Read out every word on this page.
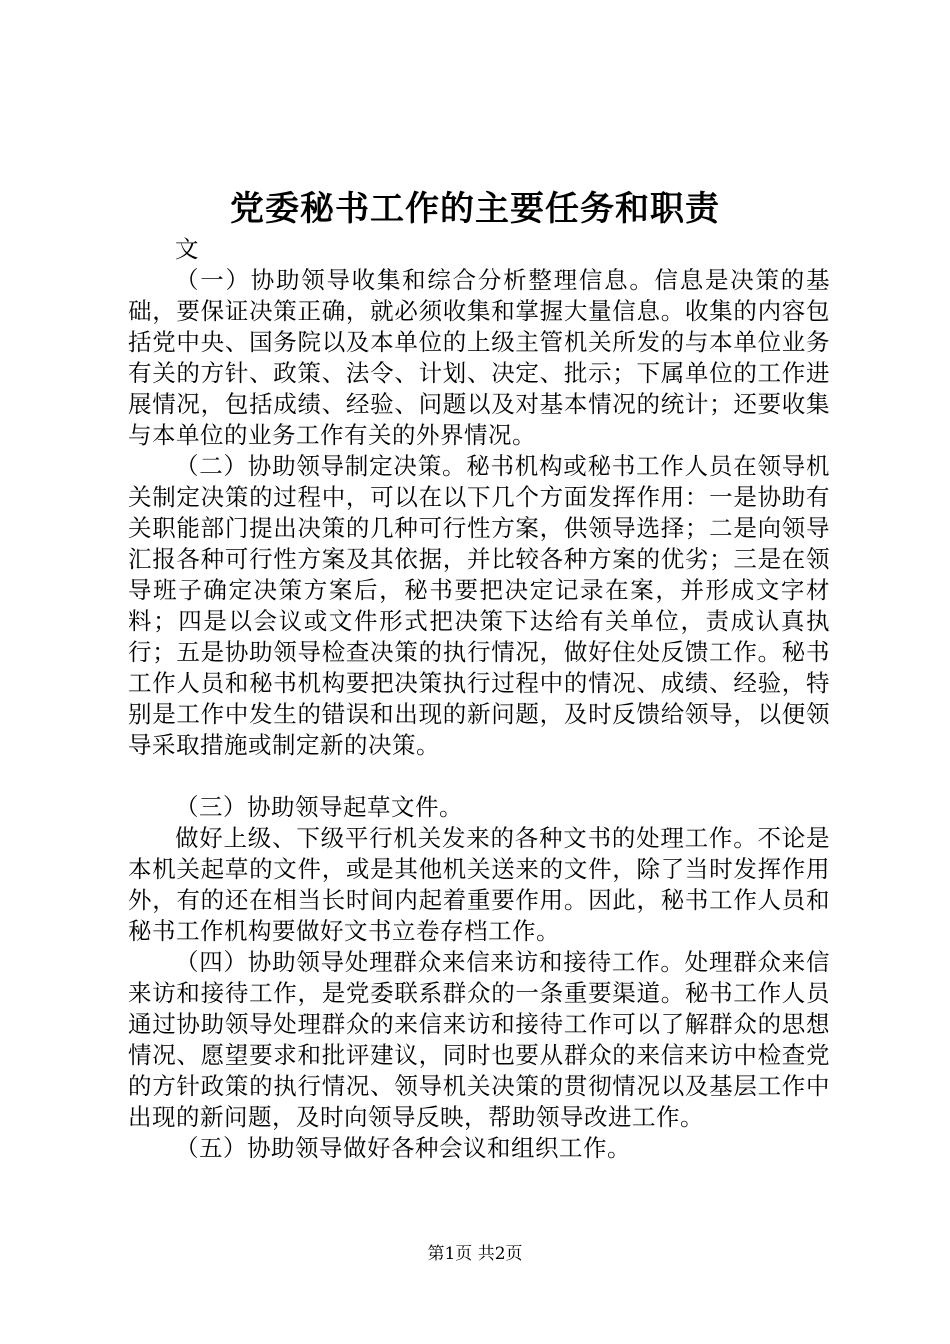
党委秘书工作的主要任务和职责

文

（一）协助领导收集和综合分析整理信息。信息是决策的基础，要保证决策正确，就必须收集和掌握大量信息。收集的内容包括党中央、国务院以及本单位的上级主管机关所发的与本单位业务有关的方针、政策、法令、计划、决定、批示；下属单位的工作进展情况，包括成绩、经验、问题以及对基本情况的统计；还要收集与本单位的业务工作有关的外界情况。

（二）协助领导制定决策。秘书机构或秘书工作人员在领导机关制定决策的过程中，可以在以下几个方面发挥作用：一是协助有关职能部门提出决策的几种可行性方案，供领导选择；二是向领导汇报各种可行性方案及其依据，并比较各种方案的优劣；三是在领导班子确定决策方案后，秘书要把决定记录在案，并形成文字材料；四是以会议或文件形式把决策下达给有关单位，责成认真执行；五是协助领导检查决策的执行情况，做好住处反馈工作。秘书工作人员和秘书机构要把决策执行过程中的情况、成绩、经验，特别是工作中发生的错误和出现的新问题，及时反馈给领导，以便领导采取措施或制定新的决策。

（三）协助领导起草文件。

做好上级、下级平行机关发来的各种文书的处理工作。不论是本机关起草的文件，或是其他机关送来的文件，除了当时发挥作用外，有的还在相当长时间内起着重要作用。因此，秘书工作人员和秘书工作机构要做好文书立卷存档工作。

（四）协助领导处理群众来信来访和接待工作。处理群众来信来访和接待工作，是党委联系群众的一条重要渠道。秘书工作人员通过协助领导处理群众的来信来访和接待工作可以了解群众的思想情况、愿望要求和批评建议，同时也要从群众的来信来访中检查党的方针政策的执行情况、领导机关决策的贯彻情况以及基层工作中出现的新问题，及时向领导反映，帮助领导改进工作。

（五）协助领导做好各种会议和组织工作。

第1页 共2页
